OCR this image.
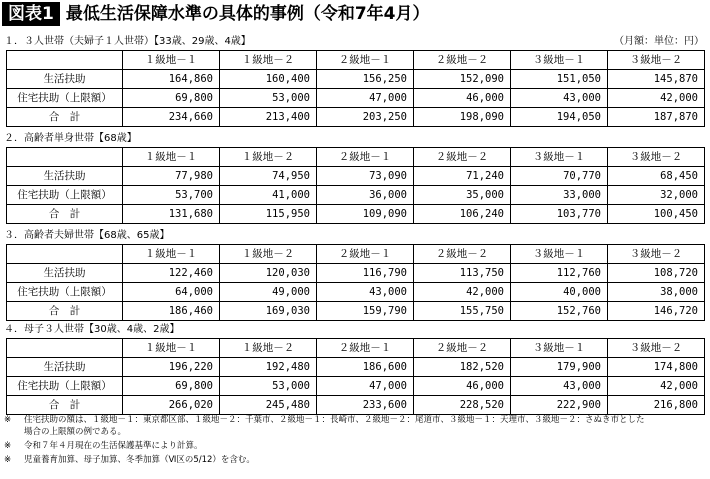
図表1 最低生活保障水準の具体的事例（令和7年4月）
１．３人世帯（夫婦子１人世帯）【33歳、29歳、4歳】	（月額：単位：円）
	１級地－１	１級地－２	２級地－１	２級地－２	３級地－１	３級地－２
生活扶助	164,860	160,400	156,250	152,090	151,050	145,870
住宅扶助（上限額）	69,800	53,000	47,000	46,000	43,000	42,000
合　計	234,660	213,400	203,250	198,090	194,050	187,870
２．高齢者単身世帯【68歳】
	１級地－１	１級地－２	２級地－１	２級地－２	３級地－１	３級地－２
生活扶助	77,980	74,950	73,090	71,240	70,770	68,450
住宅扶助（上限額）	53,700	41,000	36,000	35,000	33,000	32,000
合　計	131,680	115,950	109,090	106,240	103,770	100,450
３．高齢者夫婦世帯【68歳、65歳】
	１級地－１	１級地－２	２級地－１	２級地－２	３級地－１	３級地－２
生活扶助	122,460	120,030	116,790	113,750	112,760	108,720
住宅扶助（上限額）	64,000	49,000	43,000	42,000	40,000	38,000
合　計	186,460	169,030	159,790	155,750	152,760	146,720
４．母子３人世帯【30歳、4歳、2歳】
	１級地－１	１級地－２	２級地－１	２級地－２	３級地－１	３級地－２
生活扶助	196,220	192,480	186,600	182,520	179,900	174,800
住宅扶助（上限額）	69,800	53,000	47,000	46,000	43,000	42,000
合　計	266,020	245,480	233,600	228,520	222,900	216,800
※ 住宅扶助の額は、１級地－１：東京都区部、１級地－２：千葉市、２級地－１：長崎市、２級地－２：尾道市、３級地－１：天理市、３級地－２：さぬき市とした
場合の上限額の例である。
※ 令和７年４月現在の生活保護基準により計算。
※ 児童養育加算、母子加算、冬季加算（Ⅵ区の5/12）を含む。
